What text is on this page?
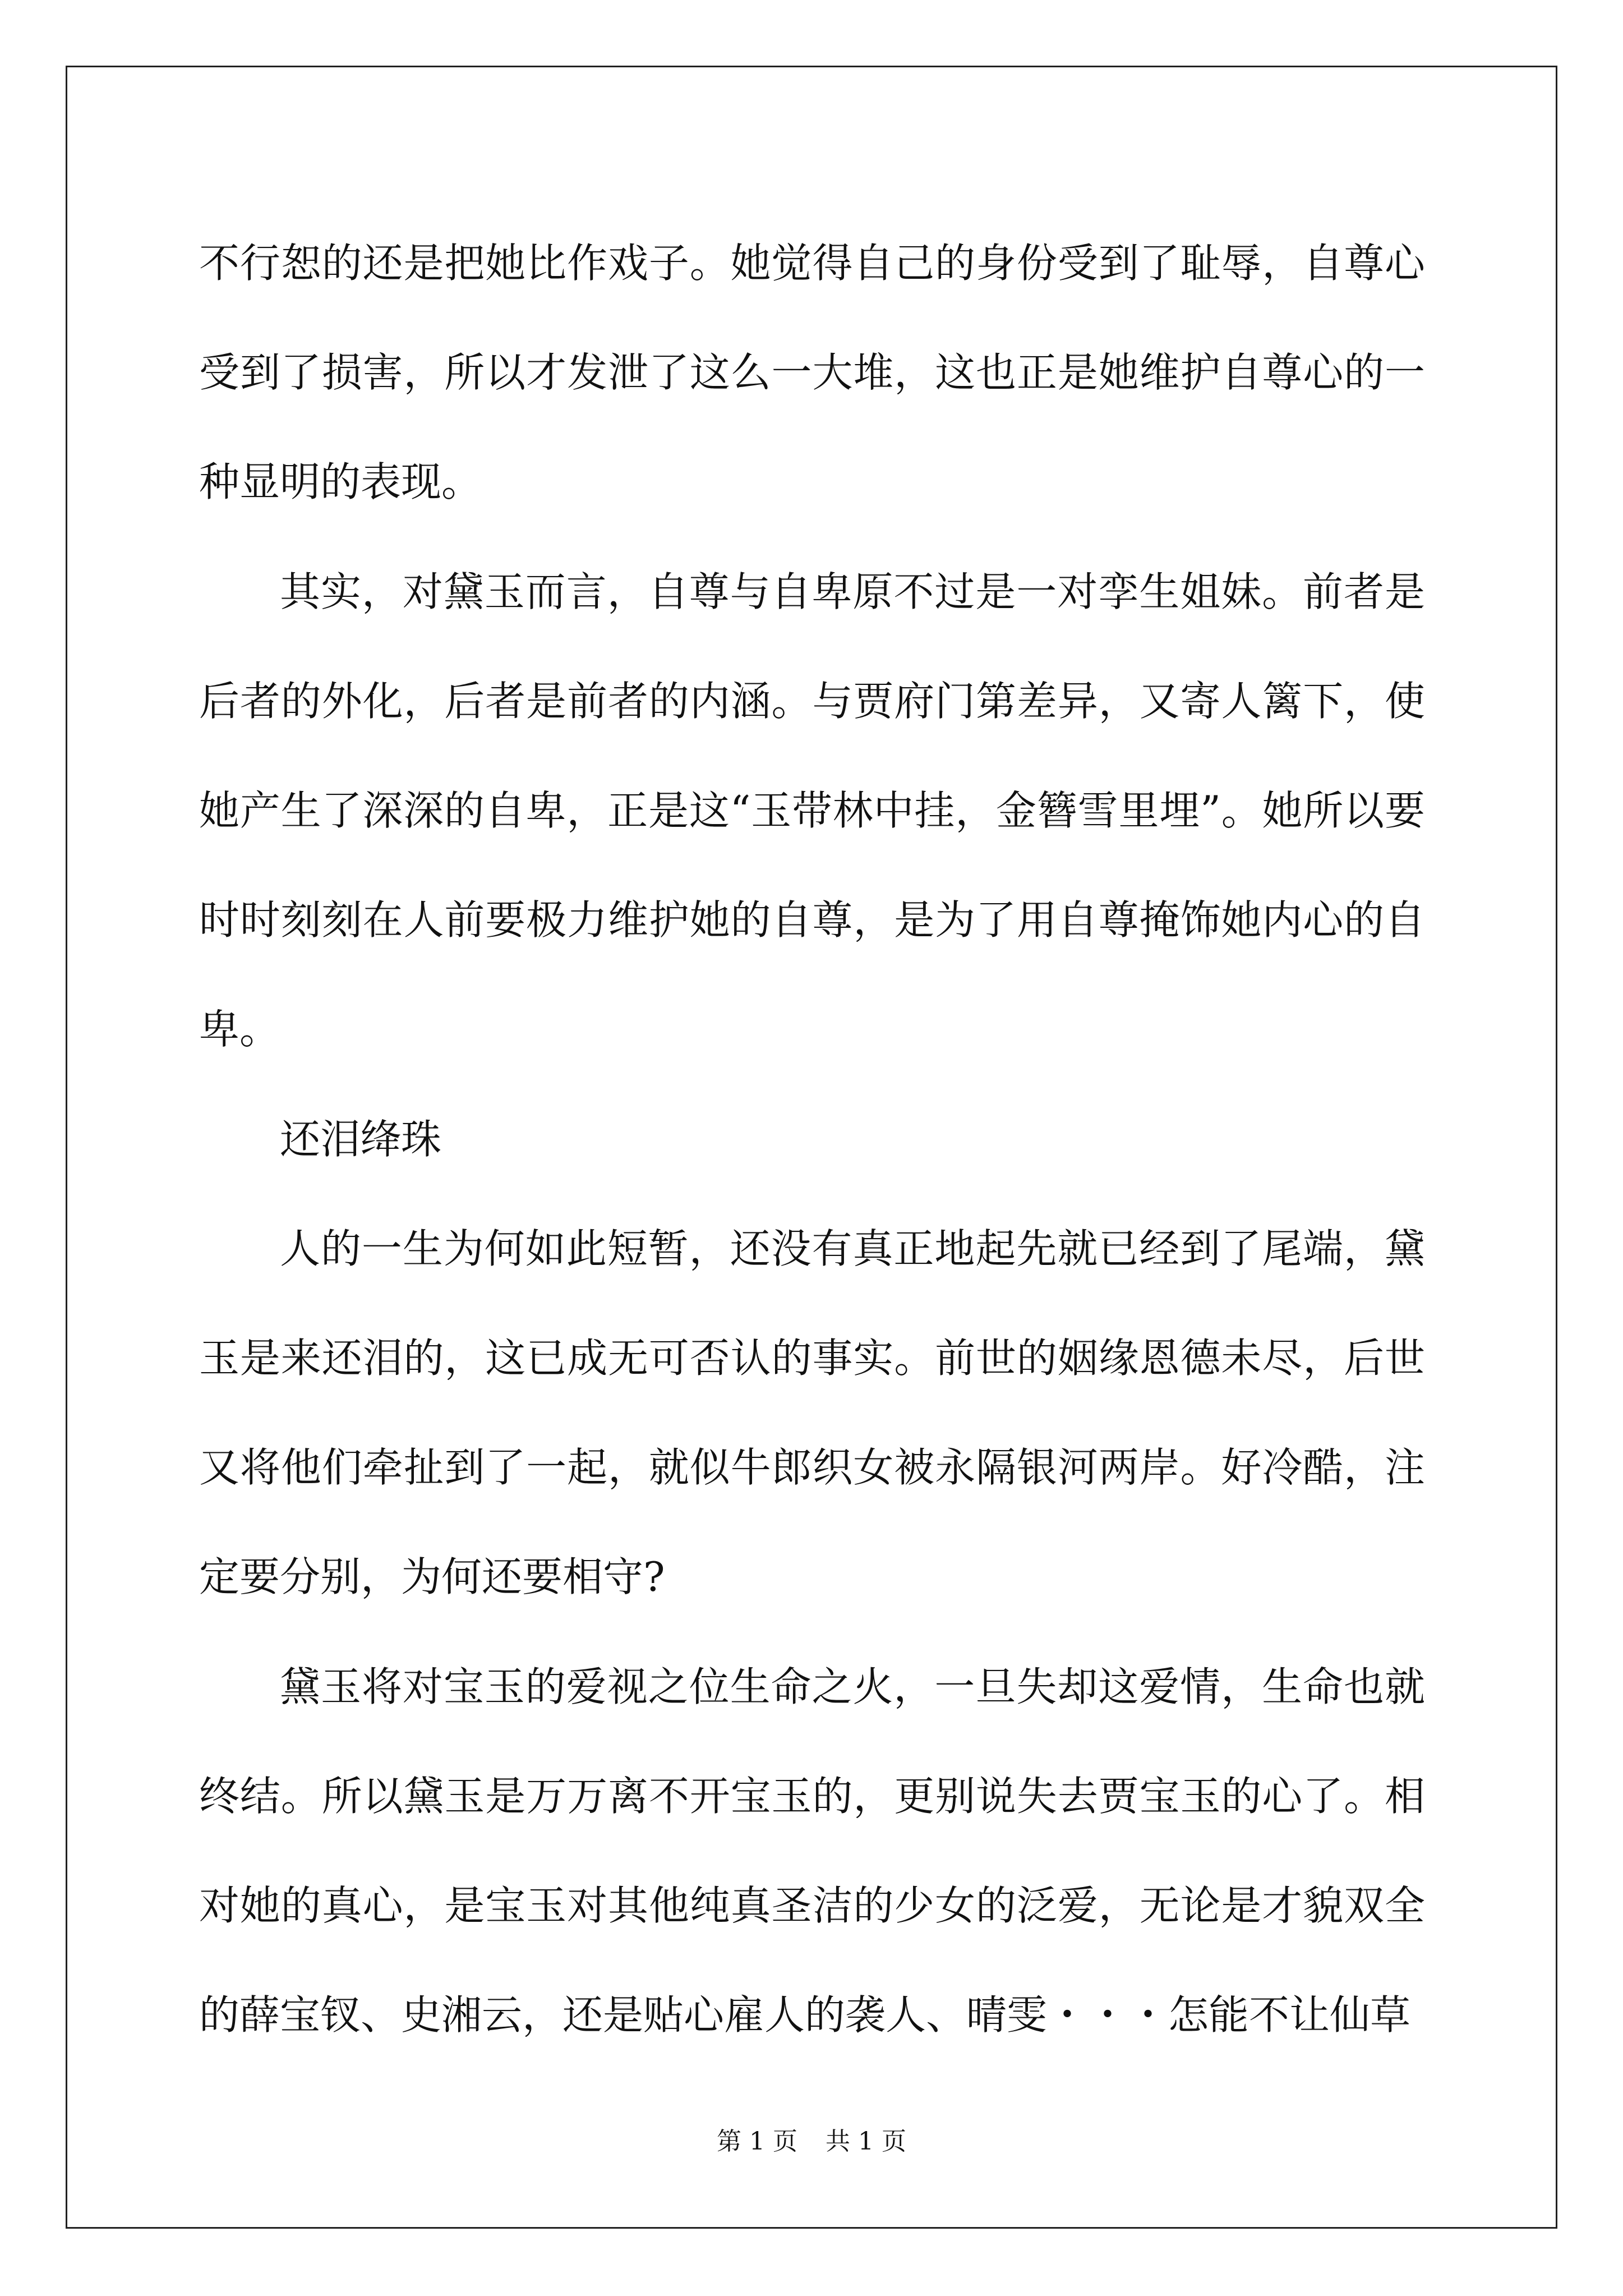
不行恕的还是把她比作戏子。她觉得自己的身份受到了耻辱，自尊心受到了损害，所以才发泄了这么一大堆，这也正是她维护自尊心的一种显明的表现。

其实，对黛玉而言，自尊与自卑原不过是一对孪生姐妹。前者是后者的外化，后者是前者的内涵。与贾府门第差异，又寄人篱下，使她产生了深深的自卑，正是这“玉带林中挂，金簪雪里埋”。她所以要时时刻刻在人前要极力维护她的自尊，是为了用自尊掩饰她内心的自卑。

还泪绛珠

人的一生为何如此短暂，还没有真正地起先就已经到了尾端，黛玉是来还泪的，这已成无可否认的事实。前世的姻缘恩德未尽，后世又将他们牵扯到了一起，就似牛郎织女被永隔银河两岸。好冷酷，注定要分别，为何还要相守?

黛玉将对宝玉的爱视之位生命之火，一旦失却这爱情，生命也就终结。所以黛玉是万万离不开宝玉的，更别说失去贾宝玉的心了。相对她的真心，是宝玉对其他纯真圣洁的少女的泛爱，无论是才貌双全的薛宝钗、史湘云，还是贴心雇人的袭人、晴雯・・・怎能不让仙草

第 1 页 共 1 页
